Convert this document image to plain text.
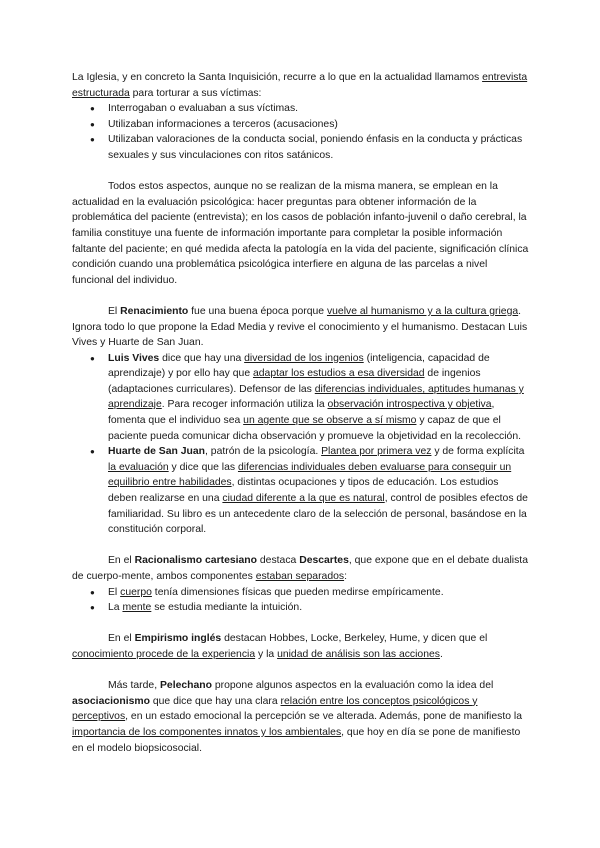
La Iglesia, y en concreto la Santa Inquisición, recurre a lo que en la actualidad llamamos entrevista estructurada para torturar a sus víctimas:

● Interrogaban o evaluaban a sus víctimas.
● Utilizaban informaciones a terceros (acusaciones)
● Utilizaban valoraciones de la conducta social, poniendo énfasis en la conducta y prácticas sexuales y sus vinculaciones con ritos satánicos.

Todos estos aspectos, aunque no se realizan de la misma manera, se emplean en la actualidad en la evaluación psicológica: hacer preguntas para obtener información de la problemática del paciente (entrevista); en los casos de población infanto-juvenil o daño cerebral, la familia constituye una fuente de información importante para completar la posible información faltante del paciente; en qué medida afecta la patología en la vida del paciente, significación clínica condición cuando una problemática psicológica interfiere en alguna de las parcelas a nivel funcional del individuo.

El Renacimiento fue una buena época porque vuelve al humanismo y a la cultura griega. Ignora todo lo que propone la Edad Media y revive el conocimiento y el humanismo. Destacan Luis Vives y Huarte de San Juan.

● Luis Vives dice que hay una diversidad de los ingenios (inteligencia, capacidad de aprendizaje) y por ello hay que adaptar los estudios a esa diversidad de ingenios (adaptaciones curriculares). Defensor de las diferencias individuales, aptitudes humanas y aprendizaje. Para recoger información utiliza la observación introspectiva y objetiva, fomenta que el individuo sea un agente que se observe a sí mismo y capaz de que el paciente pueda comunicar dicha observación y promueve la objetividad en la recolección.
● Huarte de San Juan, patrón de la psicología. Plantea por primera vez y de forma explícita la evaluación y dice que las diferencias individuales deben evaluarse para conseguir un equilibrio entre habilidades, distintas ocupaciones y tipos de educación. Los estudios deben realizarse en una ciudad diferente a la que es natural, control de posibles efectos de familiaridad. Su libro es un antecedente claro de la selección de personal, basándose en la constitución corporal.

En el Racionalismo cartesiano destaca Descartes, que expone que en el debate dualista de cuerpo-mente, ambos componentes estaban separados:

● El cuerpo tenía dimensiones físicas que pueden medirse empíricamente.
● La mente se estudia mediante la intuición.

En el Empirismo inglés destacan Hobbes, Locke, Berkeley, Hume, y dicen que el conocimiento procede de la experiencia y la unidad de análisis son las acciones.

Más tarde, Pelechano propone algunos aspectos en la evaluación como la idea del asociacionismo que dice que hay una clara relación entre los conceptos psicológicos y perceptivos, en un estado emocional la percepción se ve alterada. Además, pone de manifiesto la importancia de los componentes innatos y los ambientales, que hoy en día se pone de manifiesto en el modelo biopsicosocial.
